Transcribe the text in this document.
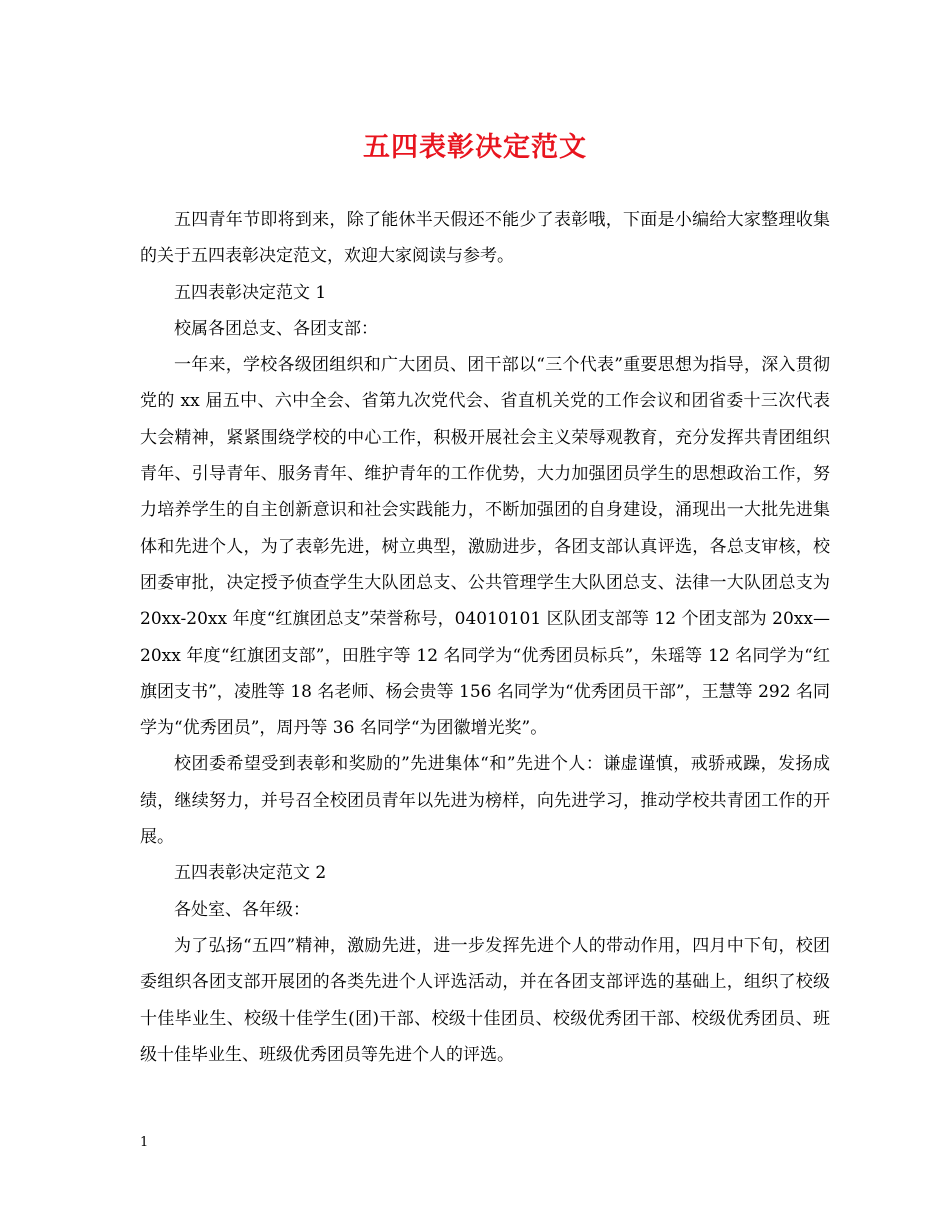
五四表彰决定范文

五四青年节即将到来，除了能休半天假还不能少了表彰哦，下面是小编给大家整理收集的关于五四表彰决定范文，欢迎大家阅读与参考。

五四表彰决定范文 1

校属各团总支、各团支部：

一年来，学校各级团组织和广大团员、团干部以“三个代表”重要思想为指导，深入贯彻党的 xx 届五中、六中全会、省第九次党代会、省直机关党的工作会议和团省委十三次代表大会精神，紧紧围绕学校的中心工作，积极开展社会主义荣辱观教育，充分发挥共青团组织青年、引导青年、服务青年、维护青年的工作优势，大力加强团员学生的思想政治工作，努力培养学生的自主创新意识和社会实践能力，不断加强团的自身建设，涌现出一大批先进集体和先进个人，为了表彰先进，树立典型，激励进步，各团支部认真评选，各总支审核，校团委审批，决定授予侦查学生大队团总支、公共管理学生大队团总支、法律一大队团总支为 20xx-20xx 年度“红旗团总支”荣誉称号，04010101 区队团支部等 12 个团支部为 20xx—20xx 年度“红旗团支部”，田胜宇等 12 名同学为“优秀团员标兵”，朱瑶等 12 名同学为“红旗团支书”，凌胜等 18 名老师、杨会贵等 156 名同学为“优秀团员干部”，王慧等 292 名同学为“优秀团员”，周丹等 36 名同学“为团徽增光奖”。

校团委希望受到表彰和奖励的”先进集体“和”先进个人：谦虚谨慎，戒骄戒躁，发扬成绩，继续努力，并号召全校团员青年以先进为榜样，向先进学习，推动学校共青团工作的开展。

五四表彰决定范文 2

各处室、各年级：

为了弘扬“五四”精神，激励先进，进一步发挥先进个人的带动作用，四月中下旬，校团委组织各团支部开展团的各类先进个人评选活动，并在各团支部评选的基础上，组织了校级十佳毕业生、校级十佳学生(团)干部、校级十佳团员、校级优秀团干部、校级优秀团员、班级十佳毕业生、班级优秀团员等先进个人的评选。

1
